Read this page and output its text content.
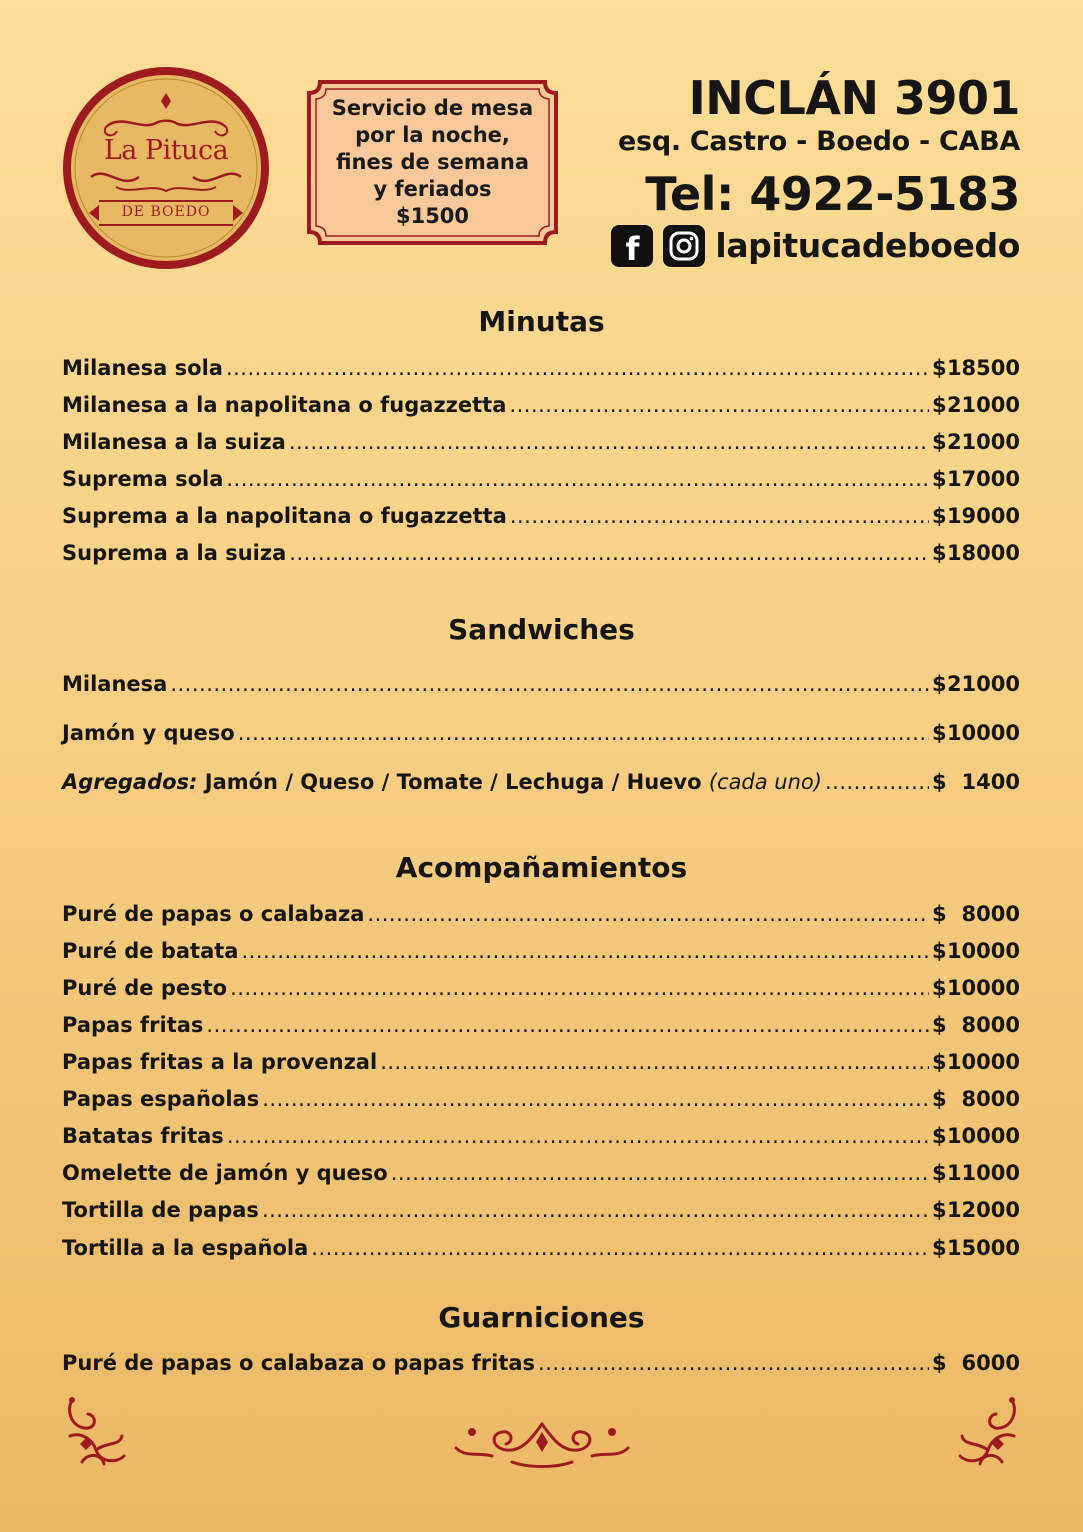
La Pituca
DE BOEDO
Servicio de mesa
por la noche,
fines de semana
y feriados
$1500
INCLÁN 3901
esq. Castro - Boedo - CABA
Tel: 4922-5183
f lapitucadeboedo
Minutas
Milanesa sola .....	$ 18500
Milanesa a la napolitana o fugazzetta .....	$ 21000
Milanesa a la suiza .....	$ 21000
Suprema sola .....	$ 17000
Suprema a la napolitana o fugazzetta .....	$ 19000
Suprema a la suiza .....	$ 18000
Sandwiches
Milanesa .....	$ 21000
Jamón y queso .....	$ 10000
Agregados: Jamón / Queso / Tomate / Lechuga / Huevo (cada uno) .....	$ 1400
Acompañamientos
Puré de papas o calabaza .....	$ 8000
Puré de batata .....	$ 10000
Puré de pesto .....	$ 10000
Papas fritas .....	$ 8000
Papas fritas a la provenzal .....	$ 10000
Papas españolas .....	$ 8000
Batatas fritas .....	$ 10000
Omelette de jamón y queso .....	$ 11000
Tortilla de papas .....	$ 12000
Tortilla a la española .....	$ 15000
Guarniciones
Puré de papas o calabaza o papas fritas .....	$ 6000
